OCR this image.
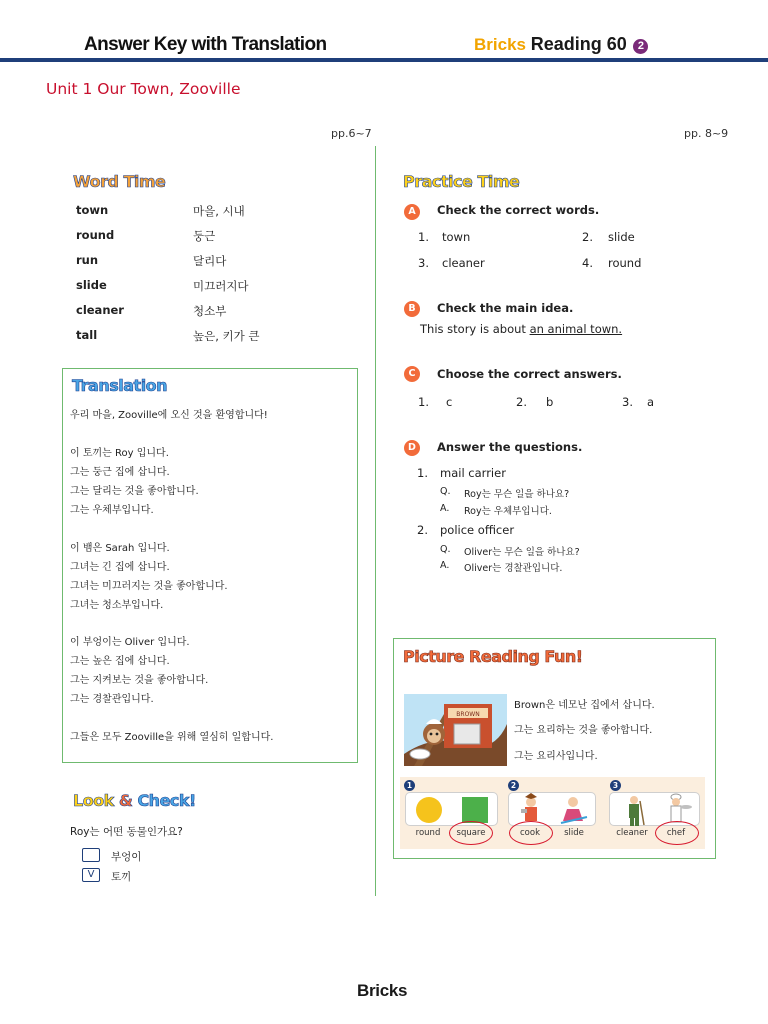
Answer Key with Translation	Bricks Reading 60 2
Unit 1 Our Town, Zooville
pp.6~7	pp. 8~9
Word Time
town	마을, 시내
round	둥근
run	달리다
slide	미끄러지다
cleaner	청소부
tall	높은, 키가 큰
Translation
우리 마을, Zooville에 오신 것을 환영합니다!
이 토끼는 Roy 입니다.
그는 둥근 집에 삽니다.
그는 달리는 것을 좋아합니다.
그는 우체부입니다.
이 뱀은 Sarah 입니다.
그녀는 긴 집에 삽니다.
그녀는 미끄러지는 것을 좋아합니다.
그녀는 청소부입니다.
이 부엉이는 Oliver 입니다.
그는 높은 집에 삽니다.
그는 지켜보는 것을 좋아합니다.
그는 경찰관입니다.
그들은 모두 Zooville을 위해 열심히 일합니다.
Look & Check!
Roy는 어떤 동물인가요?
부엉이
V	토끼
Practice Time
A	Check the correct words.
1. town	2. slide
3. cleaner	4. round
B	Check the main idea.
This story is about an animal town.
C	Choose the correct answers.
1. c	2. b	3. a
D	Answer the questions.
1. mail carrier
Q. Roy는 무슨 일을 하나요?
A. Roy는 우체부입니다.
2. police officer
Q. Oliver는 무슨 일을 하나요?
A. Oliver는 경찰관입니다.
Picture Reading Fun!
BROWN
Brown은 네모난 집에서 삽니다.
그는 요리하는 것을 좋아합니다.
그는 요리사입니다.
1
round	square
2
cook	slide
3
cleaner	chef
Bricks
